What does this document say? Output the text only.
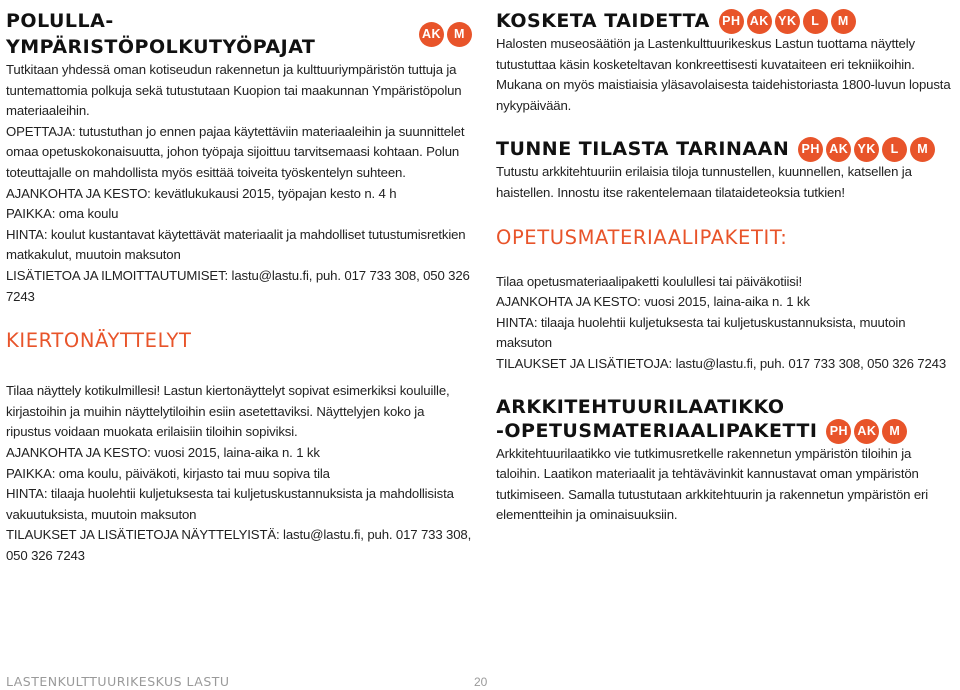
POLULLA-YMPÄRISTÖPOLKUTYÖPAJAT
AK	M

Tutkitaan yhdessä oman kotiseudun rakennetun ja kulttuuriympäristön tuttuja ja tuntemattomia polkuja sekä tutustutaan Kuopion tai maakunnan Ympäristöpolun materiaaleihin.

OPETTAJA: tutustuthan jo ennen pajaa käytettäviin materiaaleihin ja suunnittelet omaa opetuskokonaisuutta, johon työpaja sijoittuu tarvitsemaasi kohtaan. Polun toteuttajalle on mahdollista myös esittää toiveita työskentelyn suhteen.

AJANKOHTA JA KESTO: kevätlukukausi 2015, työpajan kesto n. 4 h

PAIKKA: oma koulu

HINTA: koulut kustantavat käytettävät materiaalit ja mahdolliset tutustumisretkien matkakulut, muutoin maksuton

LISÄTIETOA JA ILMOITTAUTUMISET: lastu@lastu.fi, puh. 017 733 308, 050 326 7243

KIERTONÄYTTELYT

Tilaa näyttely kotikulmillesi! Lastun kiertonäyttelyt sopivat esimerkiksi kouluille, kirjastoihin ja muihin näyttelytiloihin esiin asetettaviksi. Näyttelyjen koko ja ripustus voidaan muokata erilaisiin tiloihin sopiviksi.

AJANKOHTA JA KESTO: vuosi 2015, laina-aika n. 1 kk

PAIKKA: oma koulu, päiväkoti, kirjasto tai muu sopiva tila

HINTA: tilaaja huolehtii kuljetuksesta tai kuljetuskustannuksista ja mahdollisista vakuutuksista, muutoin maksuton

TILAUKSET JA LISÄTIETOJA NÄYTTELYISTÄ: lastu@lastu.fi, puh. 017 733 308, 050 326 7243

KOSKETA TAIDETTA PH AK YK	L	M

Halosten museosäätiön ja Lastenkulttuurikeskus Lastun tuottama näyttely tutustuttaa käsin kosketeltavan konkreettisesti kuvataiteen eri tekniikoihin. Mukana on myös maistiaisia yläsavolaisesta taidehistoriasta 1800-luvun lopusta nykypäivään.

TUNNE TILASTA TARINAAN PH AK YK	L	M

Tutustu arkkitehtuuriin erilaisia tiloja tunnustellen, kuunnellen, katsellen ja haistellen. Innostu itse rakentelemaan tilataideteoksia tutkien!

OPETUSMATERIAALIPAKETIT:

Tilaa opetusmateriaalipaketti koulullesi tai päiväkotiisi!

AJANKOHTA JA KESTO: vuosi 2015, laina-aika n. 1 kk

HINTA: tilaaja huolehtii kuljetuksesta tai kuljetuskustannuksista, muutoin maksuton

TILAUKSET JA LISÄTIETOJA: lastu@lastu.fi, puh. 017 733 308, 050 326 7243

ARKKITEHTUURILAATIKKO
-OPETUSMATERIAALIPAKETTI PH AK	M

Arkkitehtuurilaatikko vie tutkimusretkelle rakennetun ympäristön tiloihin ja taloihin. Laatikon materiaalit ja tehtävävinkit kannustavat oman ympäristön tutkimiseen. Samalla tutustutaan arkkitehtuurin ja rakennetun ympäristön eri elementteihin ja ominaisuuksiin.

LASTENKULTTUURIKESKUS LASTU	20
